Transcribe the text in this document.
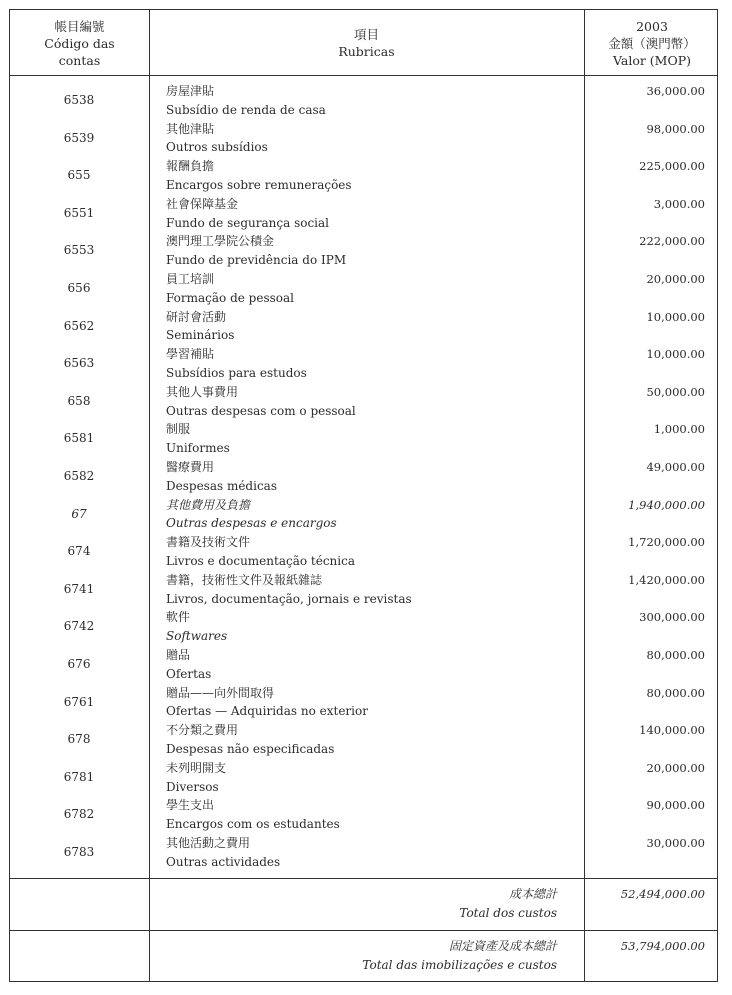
帳目編號
Código das
contas
項目
Rubricas
2003
金額（澳門幣）
Valor (MOP)
6538
房屋津貼
Subsídio de renda de casa
36,000.00
6539
其他津貼
Outros subsídios
98,000.00
655
報酬負擔
Encargos sobre remunerações
225,000.00
6551
社會保障基金
Fundo de segurança social
3,000.00
6553
澳門理工學院公積金
Fundo de previdência do IPM
222,000.00
656
員工培訓
Formação de pessoal
20,000.00
6562
研討會活動
Seminários
10,000.00
6563
學習補貼
Subsídios para estudos
10,000.00
658
其他人事費用
Outras despesas com o pessoal
50,000.00
6581
制服
Uniformes
1,000.00
6582
醫療費用
Despesas médicas
49,000.00
67
其他費用及負擔
Outras despesas e encargos
1,940,000.00
674
書籍及技術文件
Livros e documentação técnica
1,720,000.00
6741
書籍，技術性文件及報紙雜誌
Livros, documentação, jornais e revistas
1,420,000.00
6742
軟件
Softwares
300,000.00
676
贈品
Ofertas
80,000.00
6761
贈品——向外間取得
Ofertas — Adquiridas no exterior
80,000.00
678
不分類之費用
Despesas não especificadas
140,000.00
6781
未列明開支
Diversos
20,000.00
6782
學生支出
Encargos com os estudantes
90,000.00
6783
其他活動之費用
Outras actividades
30,000.00
成本總計
Total dos custos
52,494,000.00
固定資產及成本總計
Total das imobilizações e custos
53,794,000.00
